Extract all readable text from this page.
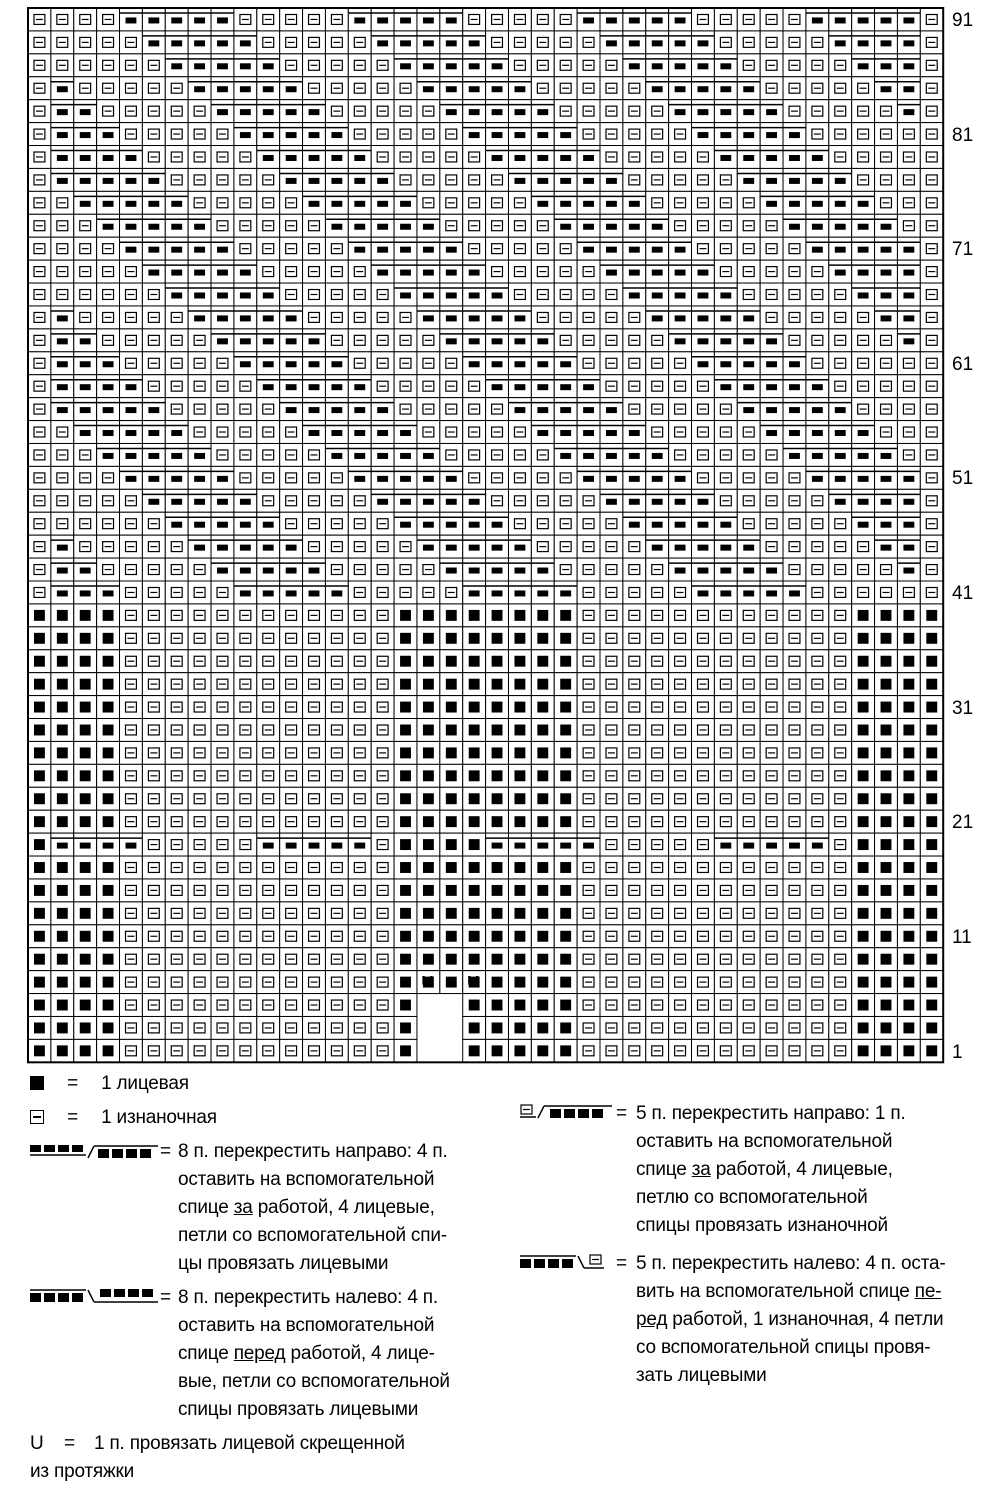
U U
91
81
71
61
51
41
31
21
11
1
= 1 лицевая
= 1 изнаночная
= 8 п. перекрестить направо: 4 п.
оставить на вспомогательной
спице за работой, 4 лицевые,
петли со вспомогательной спи-
цы провязать лицевыми
= 8 п. перекрестить налево: 4 п.
оставить на вспомогательной
спице перед работой, 4 лице-
вые, петли со вспомогательной
спицы провязать лицевыми
U = 1 п. провязать лицевой скрещенной
из протяжки
= 5 п. перекрестить направо: 1 п.
оставить на вспомогательной
спице за работой, 4 лицевые,
петлю со вспомогательной
спицы провязать изнаночной
= 5 п. перекрестить налево: 4 п. оста-
вить на вспомогательной спице пе-
ред работой, 1 изнаночная, 4 петли
со вспомогательной спицы провя-
зать лицевыми
